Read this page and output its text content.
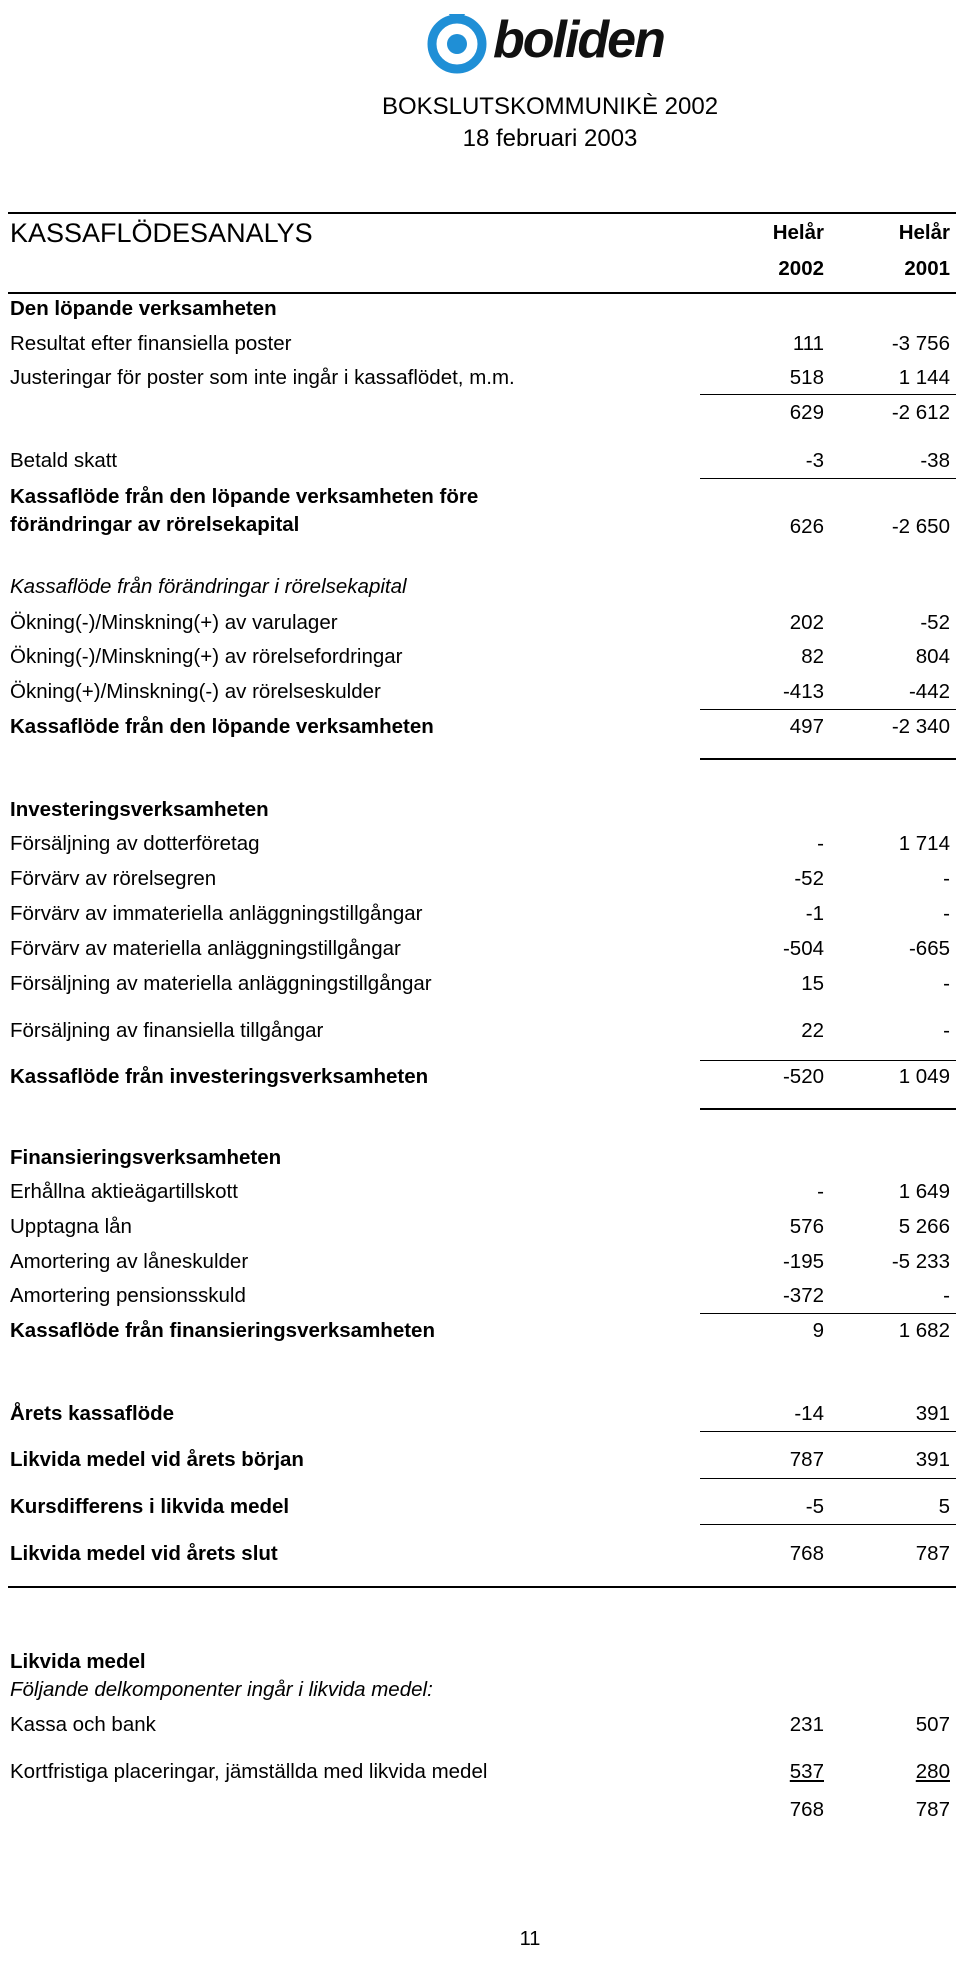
boliden
BOKSLUTSKOMMUNIKÈ 2002
18 februari 2003
KASSAFLÖDESANALYS	Helår	Helår
2002	2001
Den löpande verksamheten
Resultat efter finansiella poster	111	-3 756
Justeringar för poster som inte ingår i kassaflödet, m.m.	518	1 144
629	-2 612
Betald skatt	-3	-38
Kassaflöde från den löpande verksamheten före
förändringar av rörelsekapital	626	-2 650
Kassaflöde från förändringar i rörelsekapital
Ökning(-)/Minskning(+) av varulager	202	-52
Ökning(-)/Minskning(+) av rörelsefordringar	82	804
Ökning(+)/Minskning(-) av rörelseskulder	-413	-442
Kassaflöde från den löpande verksamheten	497	-2 340
Investeringsverksamheten
Försäljning av dotterföretag	-	1 714
Förvärv av rörelsegren	-52	-
Förvärv av immateriella anläggningstillgångar	-1	-
Förvärv av materiella anläggningstillgångar	-504	-665
Försäljning av materiella anläggningstillgångar	15	-
Försäljning av finansiella tillgångar	22	-
Kassaflöde från investeringsverksamheten	-520	1 049
Finansieringsverksamheten
Erhållna aktieägartillskott	-	1 649
Upptagna lån	576	5 266
Amortering av låneskulder	-195	-5 233
Amortering pensionsskuld	-372	-
Kassaflöde från finansieringsverksamheten	9	1 682
Årets kassaflöde	-14	391
Likvida medel vid årets början	787	391
Kursdifferens i likvida medel	-5	5
Likvida medel vid årets slut	768	787
Likvida medel
Följande delkomponenter ingår i likvida medel:
Kassa och bank	231	507
Kortfristiga placeringar, jämställda med likvida medel	537	280
768	787
11
